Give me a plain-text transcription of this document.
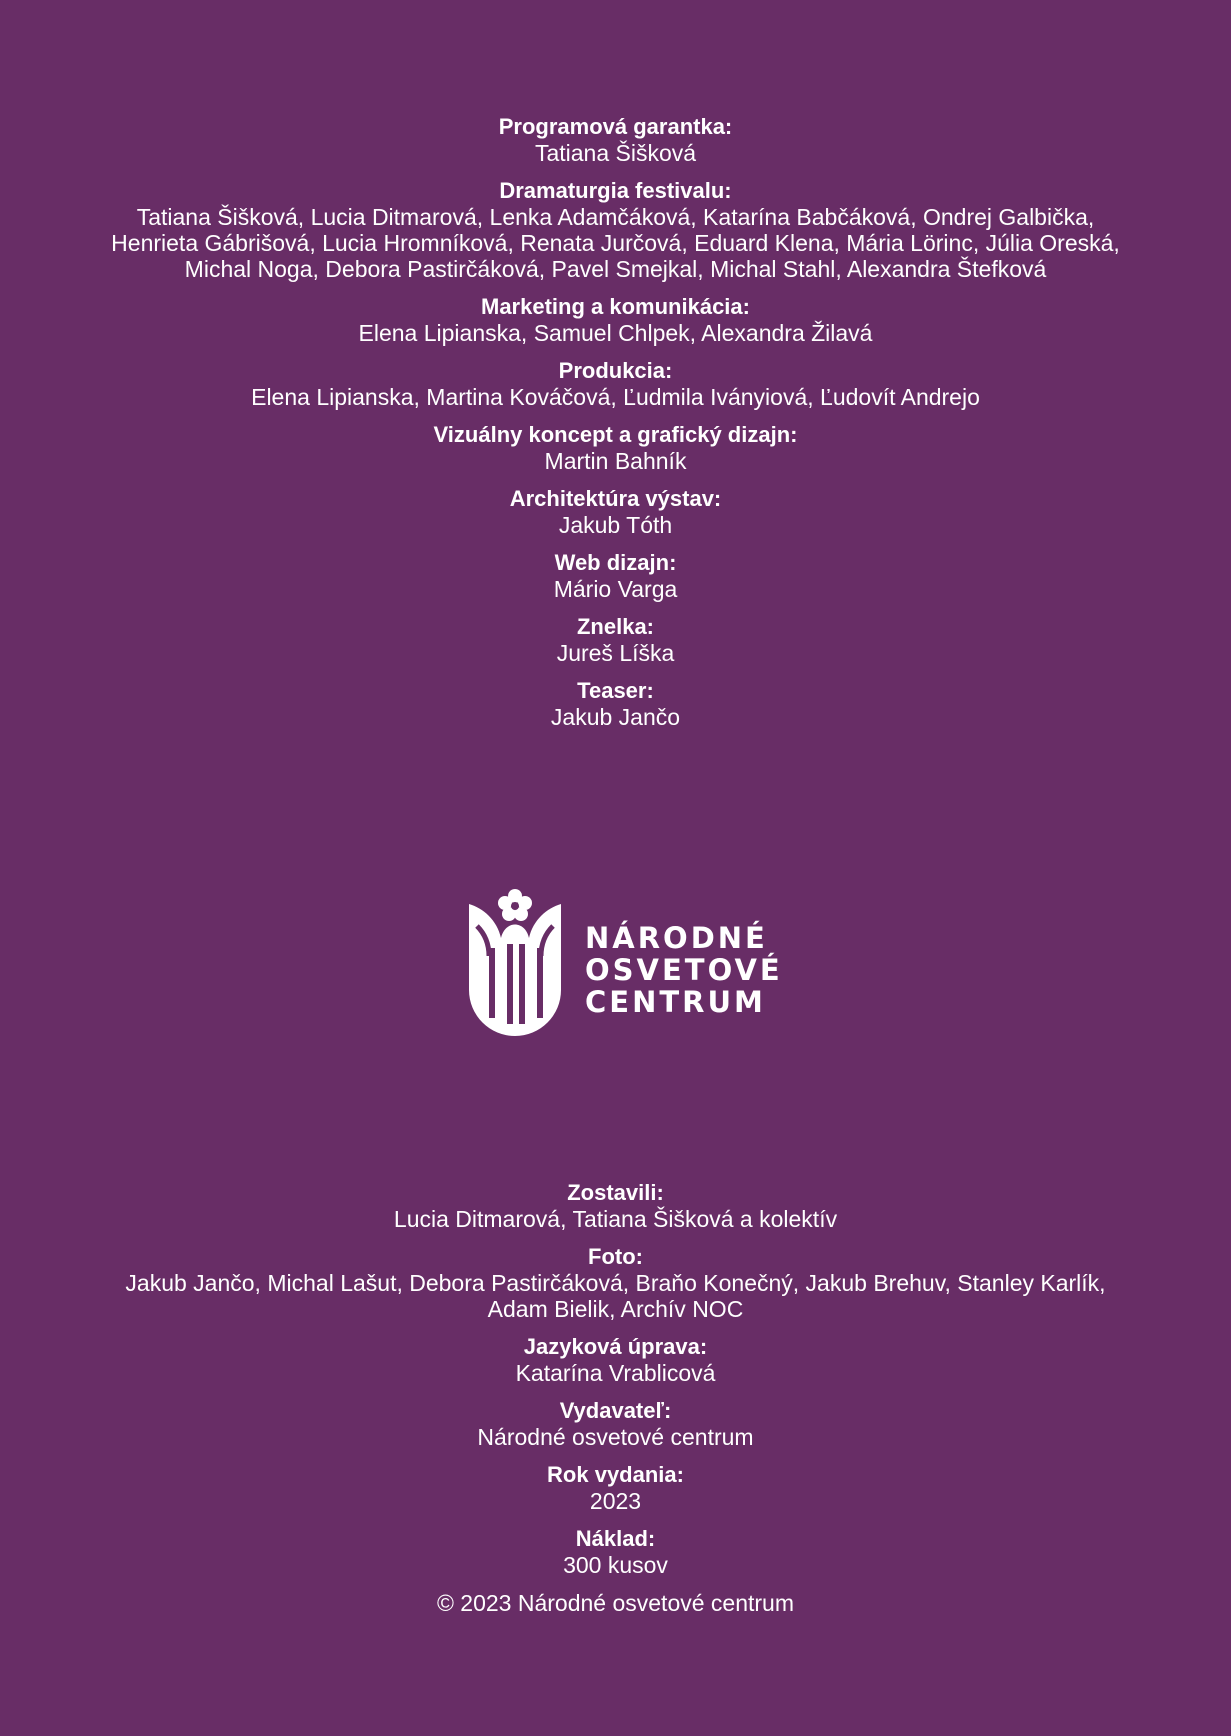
Programová garantka:
Tatiana Šišková
Dramaturgia festivalu:
Tatiana Šišková, Lucia Ditmarová, Lenka Adamčáková, Katarína Babčáková, Ondrej Galbička, Henrieta Gábrišová, Lucia Hromníková, Renata Jurčová, Eduard Klena, Mária Lörinc, Júlia Oreská, Michal Noga, Debora Pastirčáková, Pavel Smejkal, Michal Stahl, Alexandra Štefková
Marketing a komunikácia:
Elena Lipianska, Samuel Chlpek, Alexandra Žilavá
Produkcia:
Elena Lipianska, Martina Kováčová, Ľudmila Iványiová, Ľudovít Andrejo
Vizuálny koncept a grafický dizajn:
Martin Bahník
Architektúra výstav:
Jakub Tóth
Web dizajn:
Mário Varga
Znelka:
Jureš Líška
Teaser:
Jakub Jančo
NÁRODNÉ
OSVETOVÉ
CENTRUM
Zostavili:
Lucia Ditmarová, Tatiana Šišková a kolektív
Foto:
Jakub Jančo, Michal Lašut, Debora Pastirčáková, Braňo Konečný, Jakub Brehuv, Stanley Karlík, Adam Bielik, Archív NOC
Jazyková úprava:
Katarína Vrablicová
Vydavateľ:
Národné osvetové centrum
Rok vydania:
2023
Náklad:
300 kusov
© 2023 Národné osvetové centrum
